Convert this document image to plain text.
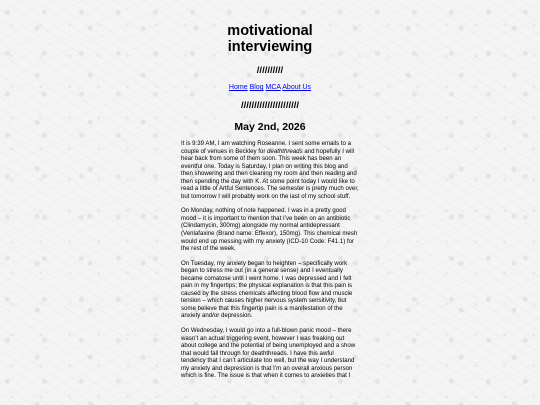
motivational
interviewing
//////////
Home Blog MCA About Us
//////////////////////
May 2nd, 2026

It is 9:39 AM, I am watching Roseanne. I sent some emails to a couple of venues in Beckley for deaththreads and hopefully I will hear back from some of them soon. This week has been an eventful one. Today is Saturday, I plan on writing this blog and then showering and then cleaning my room and then reading and then spending the day with K. At some point today I would like to read a little of Artful Sentences. The semester is pretty much over, but tomorrow I will probably work on the last of my school stuff.

On Monday, nothing of note happened. I was in a pretty good mood – it is important to mention that I’ve been on an antibiotic (Clindamycin, 300mg) alongside my normal antidepressant (Venlafaxine (Brand name: Effexor), 150mg). This chemical mesh would end up messing with my anxiety (ICD-10 Code: F41.1) for the rest of the week.

On Tuesday, my anxiety began to heighten – specifically work began to stress me out (in a general sense) and I eventually became comatose until I went home. I was depressed and I felt pain in my fingertips; the physical explanation is that this pain is caused by the stress chemicals affecting blood flow and muscle tension – which causes higher nervous system sensitivity, but some believe that this fingertip pain is a manifestation of the anxiety and/or depression.

On Wednesday, I would go into a full-blown panic mood – there wasn’t an actual triggering event, however I was freaking out about college and the potential of being unemployed and a show that would fall through for deaththreads. I have this awful tendency that I can’t articulate too well, but the way I understand my anxiety and depression is that I’m an overall anxious person which is fine. The issue is that when it comes to anxieties that I
